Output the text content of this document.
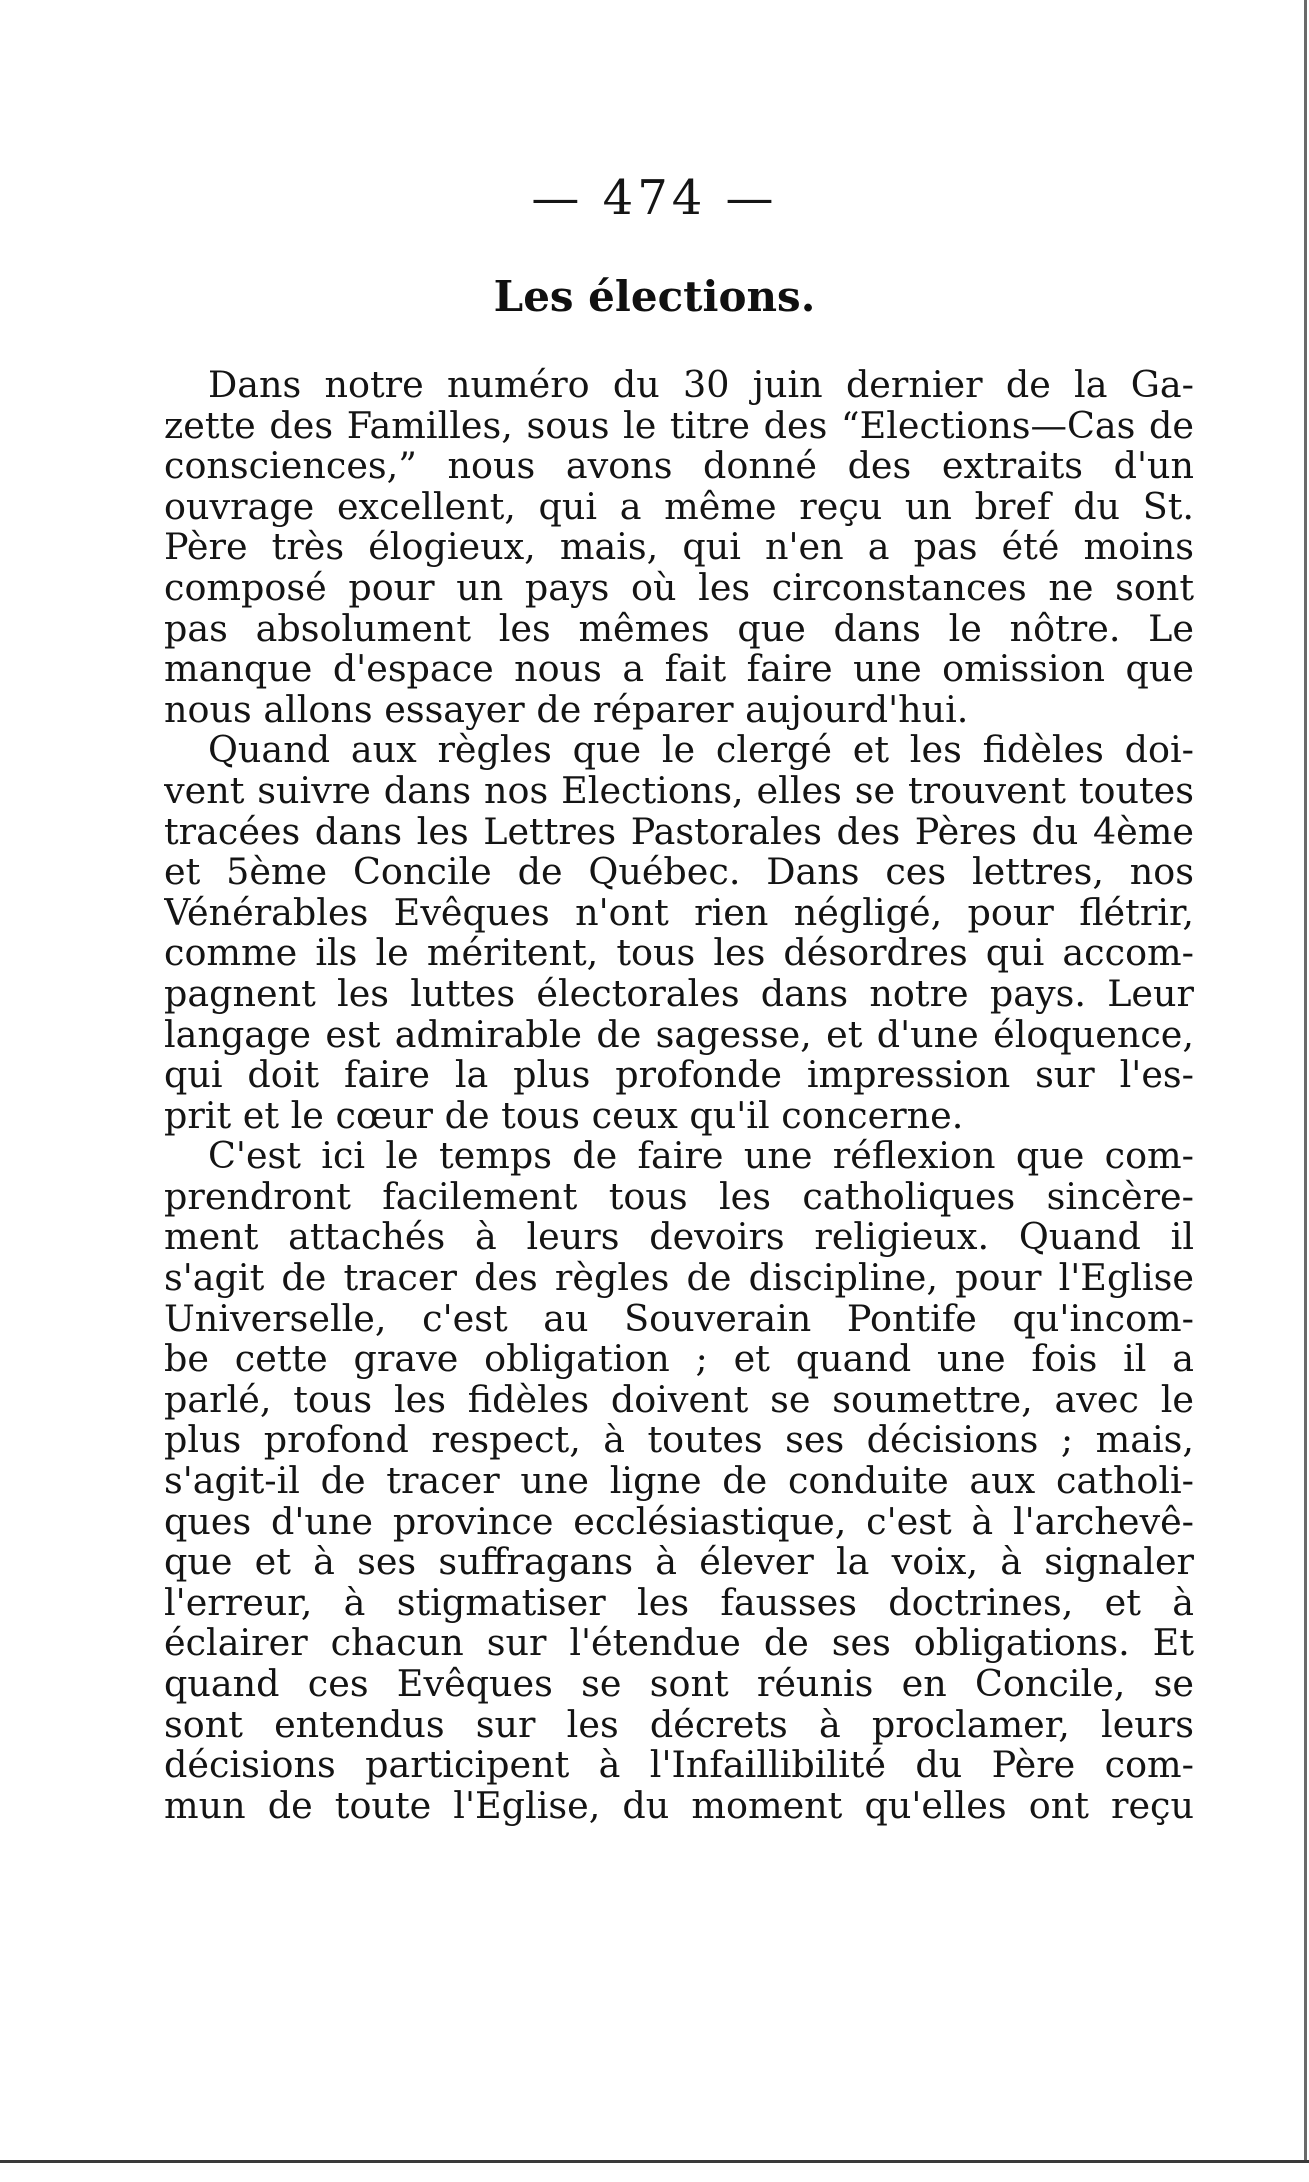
— 474 —
Les élections.
Dans notre numéro du 30 juin dernier de la Ga-
zette des Familles, sous le titre des “Elections—Cas de
consciences,” nous avons donné des extraits d'un
ouvrage excellent, qui a même reçu un bref du St.
Père très élogieux, mais, qui n'en a pas été moins
composé pour un pays où les circonstances ne sont
pas absolument les mêmes que dans le nôtre. Le
manque d'espace nous a fait faire une omission que
nous allons essayer de réparer aujourd'hui.
Quand aux règles que le clergé et les fidèles doi-
vent suivre dans nos Elections, elles se trouvent toutes
tracées dans les Lettres Pastorales des Pères du 4ème
et 5ème Concile de Québec. Dans ces lettres, nos
Vénérables Evêques n'ont rien négligé, pour flétrir,
comme ils le méritent, tous les désordres qui accom-
pagnent les luttes électorales dans notre pays. Leur
langage est admirable de sagesse, et d'une éloquence,
qui doit faire la plus profonde impression sur l'es-
prit et le cœur de tous ceux qu'il concerne.
C'est ici le temps de faire une réflexion que com-
prendront facilement tous les catholiques sincère-
ment attachés à leurs devoirs religieux. Quand il
s'agit de tracer des règles de discipline, pour l'Eglise
Universelle, c'est au Souverain Pontife qu'incom-
be cette grave obligation ; et quand une fois il a
parlé, tous les fidèles doivent se soumettre, avec le
plus profond respect, à toutes ses décisions ; mais,
s'agit-il de tracer une ligne de conduite aux catholi-
ques d'une province ecclésiastique, c'est à l'archevê-
que et à ses suffragans à élever la voix, à signaler
l'erreur, à stigmatiser les fausses doctrines, et à
éclairer chacun sur l'étendue de ses obligations. Et
quand ces Evêques se sont réunis en Concile, se
sont entendus sur les décrets à proclamer, leurs
décisions participent à l'Infaillibilité du Père com-
mun de toute l'Eglise, du moment qu'elles ont reçu
